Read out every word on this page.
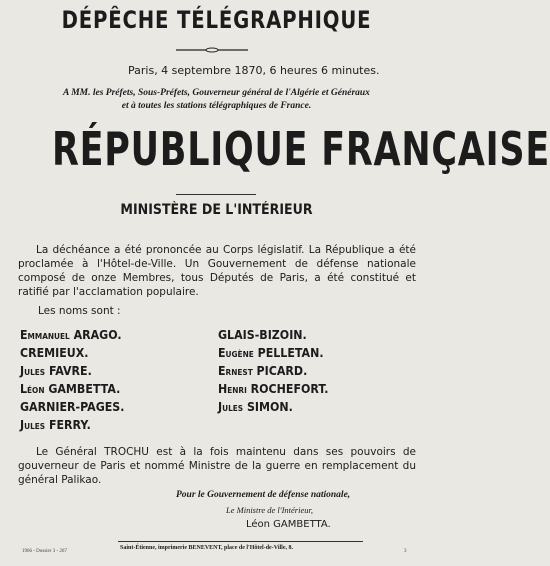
DÉPÊCHE TÉLÉGRAPHIQUE
Paris, 4 septembre 1870, 6 heures 6 minutes.
A MM. les Préfets, Sous-Préfets, Gouverneur général de l'Algérie et Généraux
et à toutes les stations télégraphiques de France.
RÉPUBLIQUE FRANÇAISE
MINISTÈRE DE L'INTÉRIEUR
La déchéance a été prononcée au Corps législatif. La République a été proclamée à l'Hôtel-de-Ville. Un Gouvernement de défense nationale composé de onze Membres, tous Députés de Paris, a été constitué et ratifié par l'acclamation populaire.
Les noms sont :
Emmanuel ARAGO.
CREMIEUX.
Jules FAVRE.
Léon GAMBETTA.
GARNIER-PAGES.
Jules FERRY.
GLAIS-BIZOIN.
Eugène PELLETAN.
Ernest PICARD.
Henri ROCHEFORT.
Jules SIMON.
Le Général TROCHU est à la fois maintenu dans ses pouvoirs de gouverneur de Paris et nommé Ministre de la guerre en remplacement du général Palikao.
Pour le Gouvernement de défense nationale,
Le Ministre de l'Intérieur,
Léon GAMBETTA.
1966 - Dossier 3 - 267
Saint-Étienne, imprimerie BENEVENT, place de l'Hôtel-de-Ville, 8.
3
